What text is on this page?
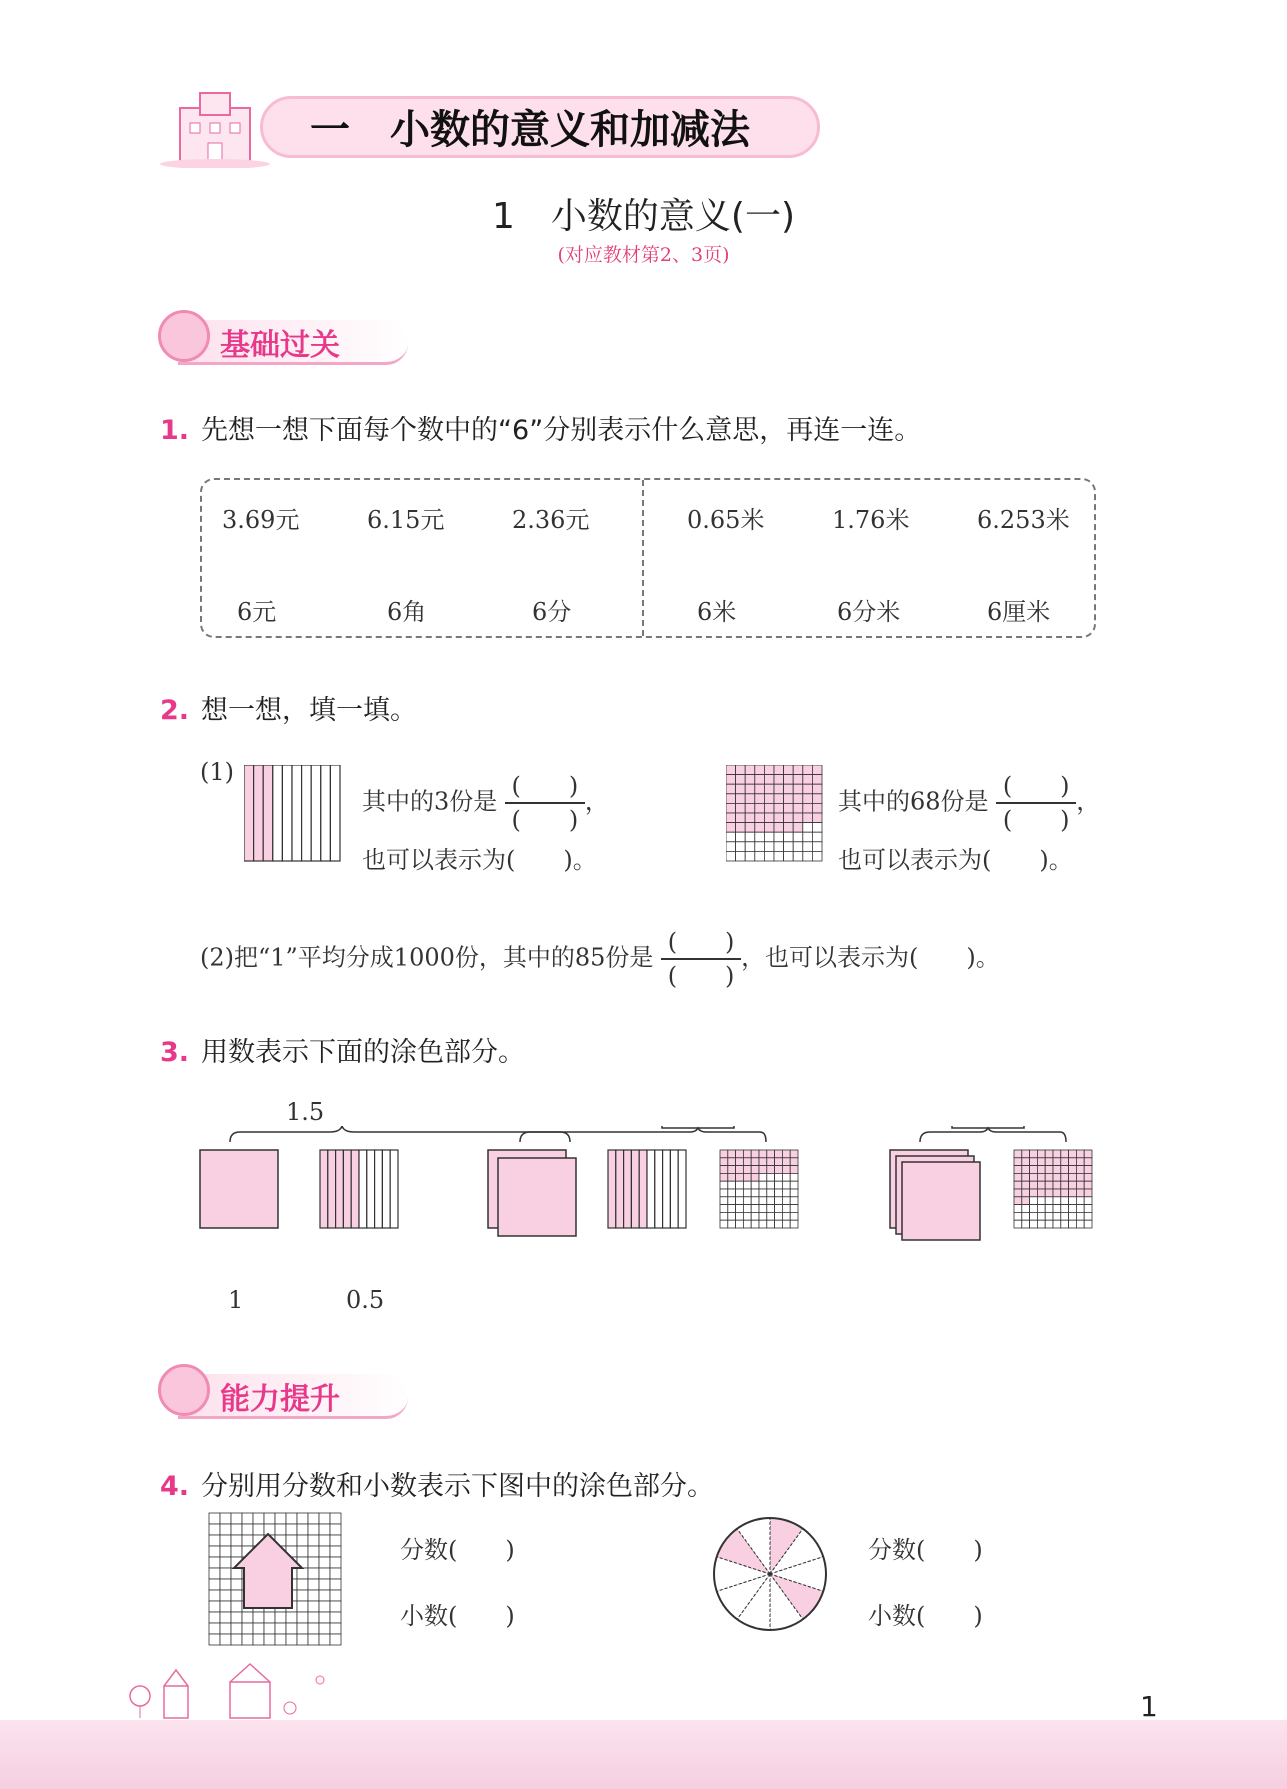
一　小数的意义和加减法
1　小数的意义(一)
(对应教材第2、3页)
基础过关
1. 先想一想下面每个数中的“6”分别表示什么意思，再连一连。
3.69元	6.15元	2.36元
6元	6角	6分
0.65米	1.76米	6.253米
6米	6分米	6厘米
2. 想一想，填一填。
(1)
其中的3份是 $\frac{( )}{( )}$，
也可以表示为(　　)。
其中的68份是 $\frac{( )}{( )}$，
也可以表示为(　　)。
(2)把“1”平均分成1000份，其中的85份是 $\frac{( )}{( )}$，也可以表示为(　　)。
3. 用数表示下面的涂色部分。
1.5
1	0.5
能力提升
4. 分别用分数和小数表示下图中的涂色部分。
分数(　　)
小数(　　)
分数(　　)
小数(　　)
1
